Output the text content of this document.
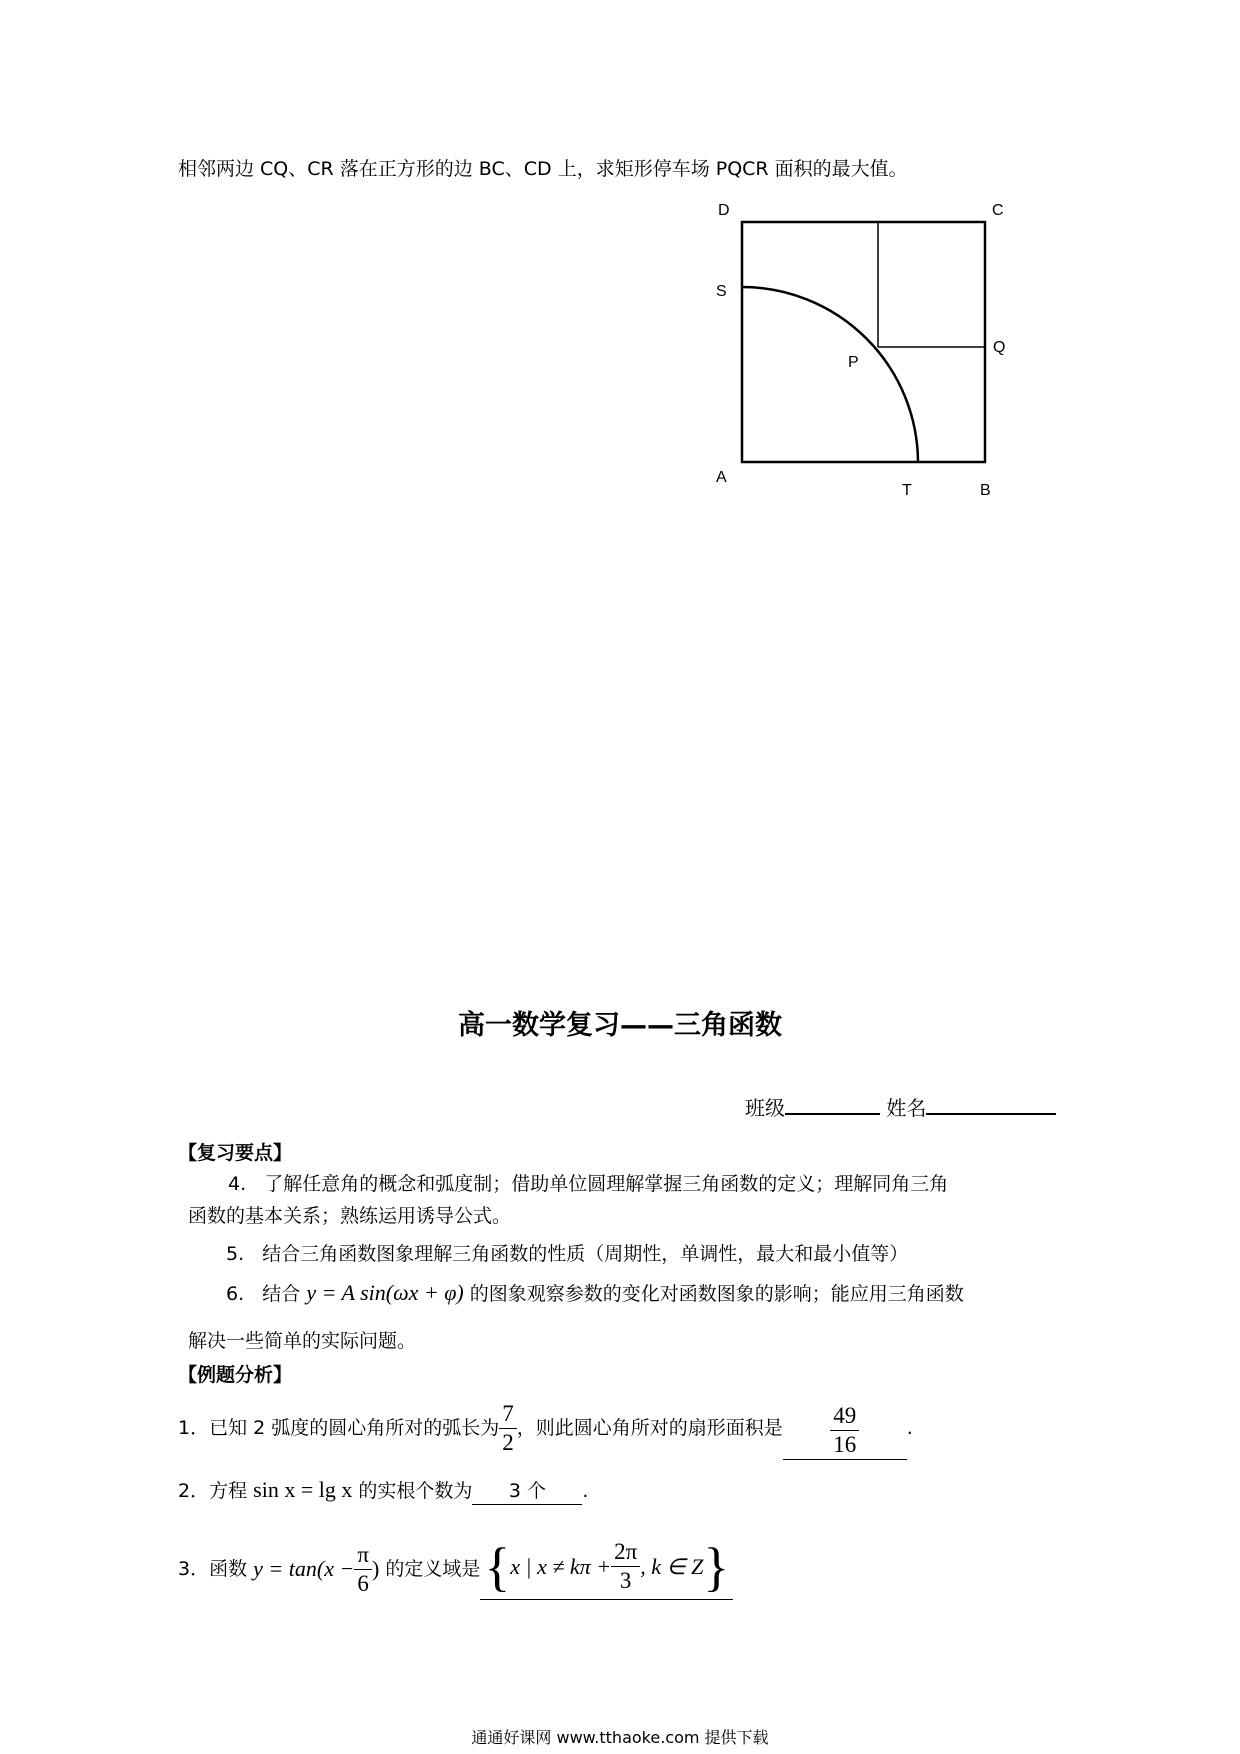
相邻两边 CQ、CR 落在正方形的边 BC、CD 上，求矩形停车场 PQCR 面积的最大值。
D	C
S
Q
P
A
T	B
高一数学复习——三角函数
班级	姓名
【复习要点】
4. 了解任意角的概念和弧度制；借助单位圆理解掌握三角函数的定义；理解同角三角
函数的基本关系；熟练运用诱导公式。
5. 结合三角函数图象理解三角函数的性质（周期性，单调性，最大和最小值等）
6. 结合 y = A sin(ωx + φ) 的图象观察参数的变化对函数图象的影响；能应用三角函数
解决一些简单的实际问题。
【例题分析】
1． 已知 2 弧度的圆心角所对的弧长为 $\frac{7}{2}$ ，则此圆心角所对的扇形面积是 $\frac{49}{16}$	.
2． 方程
sin x = lg x
的实根个数为	3 个	.
3． 函数
$y = \tan(x - \frac{\pi}{6}$ )
的定义域是 { x | $x \ne k\pi + \frac{2\pi}{3}$ , k ∈ Z }
通通好课网 www.tthaoke.com 提供下载
